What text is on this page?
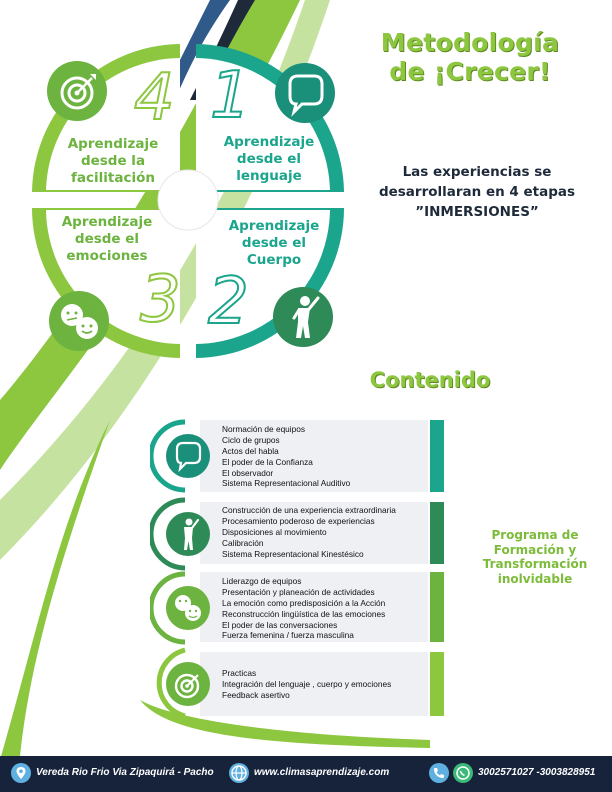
Metodología
de ¡Crecer!
4 1
3 2
Aprendizaje
desde la
facilitación
Aprendizaje
desde el
lenguaje
Aprendizaje
desde el
emociones
Aprendizaje
desde el
Cuerpo
Las experiencias se
desarrollaran en 4 etapas
”INMERSIONES”
Contenido
Normación de equipos
Ciclo de grupos
Actos del habla
El poder de la Confianza
El observador
Sistema Representacional Auditivo
Construcción de una experiencia extraordinaria
Procesamiento poderoso de experiencias
Disposiciones al movimiento
Calibración
Sistema Representacional Kinestésico
Liderazgo de equipos
Presentación y planeación de actividades
La emoción como predisposición a la Acción
Reconstrucción lingüística de las emociones
El poder de las conversaciones
Fuerza femenina / fuerza masculina
Practicas
Integración del lenguaje , cuerpo y emociones
Feedback asertivo
Programa de
Formación y
Transformación
inolvidable
Vereda Rio Frio Via Zipaquirá - Pacho	www.climasaprendizaje.com	3002571027 -3003828951
